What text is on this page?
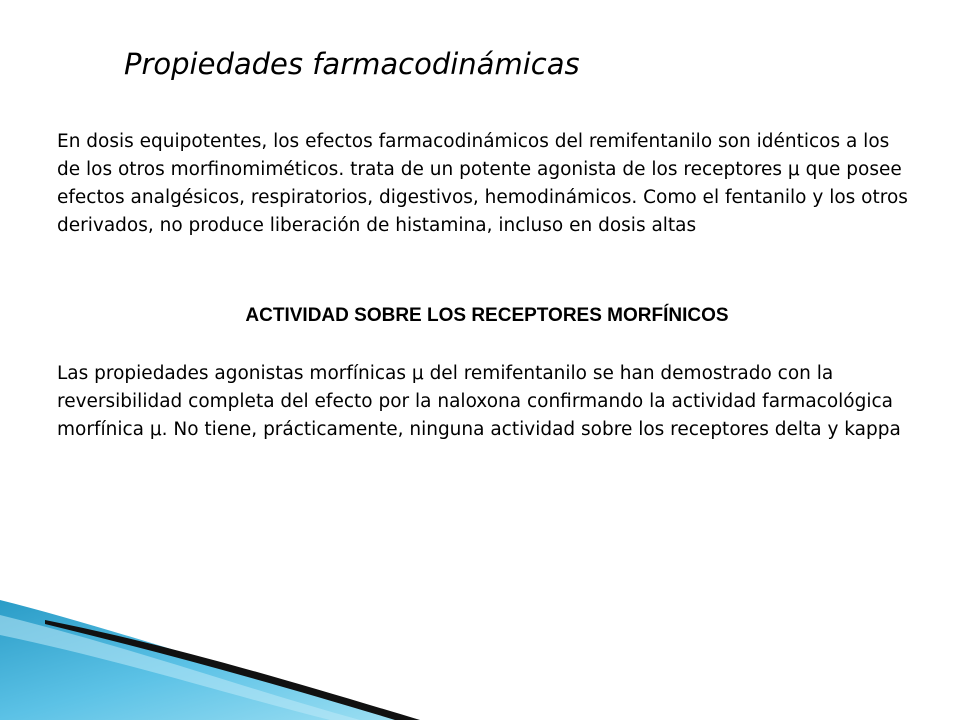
Propiedades farmacodinámicas

En dosis equipotentes, los efectos farmacodinámicos del remifentanilo son idénticos a los de los otros morfinomiméticos. trata de un potente agonista de los receptores μ que posee efectos analgésicos, respiratorios, digestivos, hemodinámicos. Como el fentanilo y los otros derivados, no produce liberación de histamina, incluso en dosis altas

ACTIVIDAD SOBRE LOS RECEPTORES MORFÍNICOS

Las propiedades agonistas morfínicas μ del remifentanilo se han demostrado con la reversibilidad completa del efecto por la naloxona confirmando la actividad farmacológica morfínica μ. No tiene, prácticamente, ninguna actividad sobre los receptores delta y kappa
